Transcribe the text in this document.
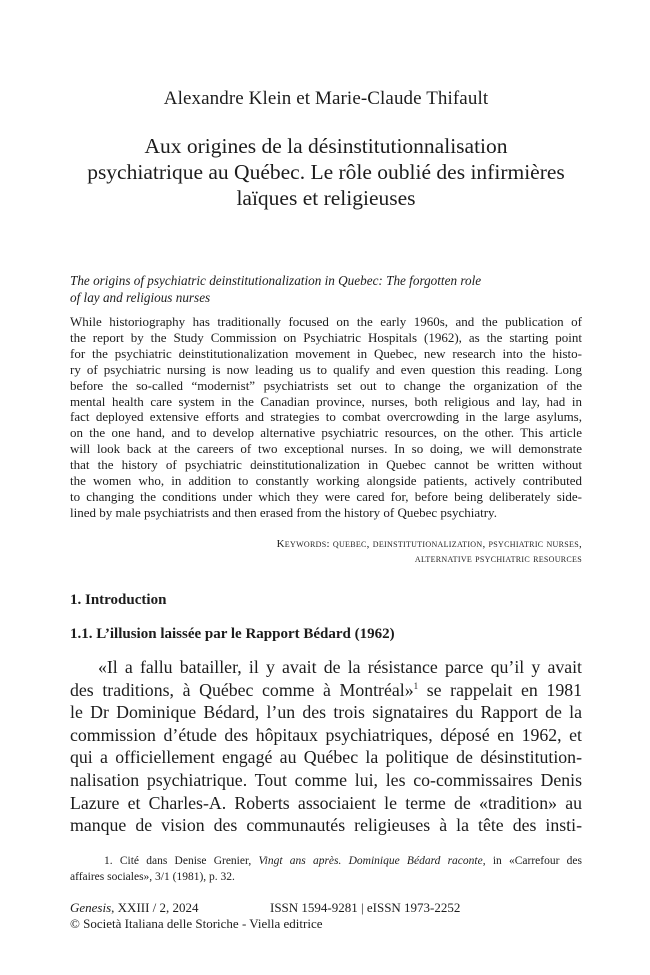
Alexandre Klein et Marie-Claude Thifault
Aux origines de la désinstitutionnalisation
psychiatrique au Québec. Le rôle oublié des infirmières
laïques et religieuses
The origins of psychiatric deinstitutionalization in Quebec: The forgotten role
of lay and religious nurses
While historiography has traditionally focused on the early 1960s, and the publication of
the report by the Study Commission on Psychiatric Hospitals (1962), as the starting point
for the psychiatric deinstitutionalization movement in Quebec, new research into the histo-
ry of psychiatric nursing is now leading us to qualify and even question this reading. Long
before the so-called “modernist” psychiatrists set out to change the organization of the
mental health care system in the Canadian province, nurses, both religious and lay, had in
fact deployed extensive efforts and strategies to combat overcrowding in the large asylums,
on the one hand, and to develop alternative psychiatric resources, on the other. This article
will look back at the careers of two exceptional nurses. In so doing, we will demonstrate
that the history of psychiatric deinstitutionalization in Quebec cannot be written without
the women who, in addition to constantly working alongside patients, actively contributed
to changing the conditions under which they were cared for, before being deliberately side-
lined by male psychiatrists and then erased from the history of Quebec psychiatry.
Keywords: quebec, deinstitutionalization, psychiatric nurses,
alternative psychiatric resources
1. Introduction
1.1. L’illusion laissée par le Rapport Bédard (1962)
«Il a fallu batailler, il y avait de la résistance parce qu’il y avait
des traditions, à Québec comme à Montréal»$^1$ se rappelait en 1981
le Dr Dominique Bédard, l’un des trois signataires du Rapport de la
commission d’étude des hôpitaux psychiatriques, déposé en 1962, et
qui a officiellement engagé au Québec la politique de désinstitution-
nalisation psychiatrique. Tout comme lui, les co-commissaires Denis
Lazure et Charles-A. Roberts associaient le terme de «tradition» au
manque de vision des communautés religieuses à la tête des insti-
1. Cité dans Denise Grenier, Vingt ans après. Dominique Bédard raconte, in «Carrefour des
affaires sociales», 3/1 (1981), p. 32.
Genesis, XXIII / 2, 2024	ISSN 1594-9281 | eISSN 1973-2252
© Società Italiana delle Storiche - Viella editrice
